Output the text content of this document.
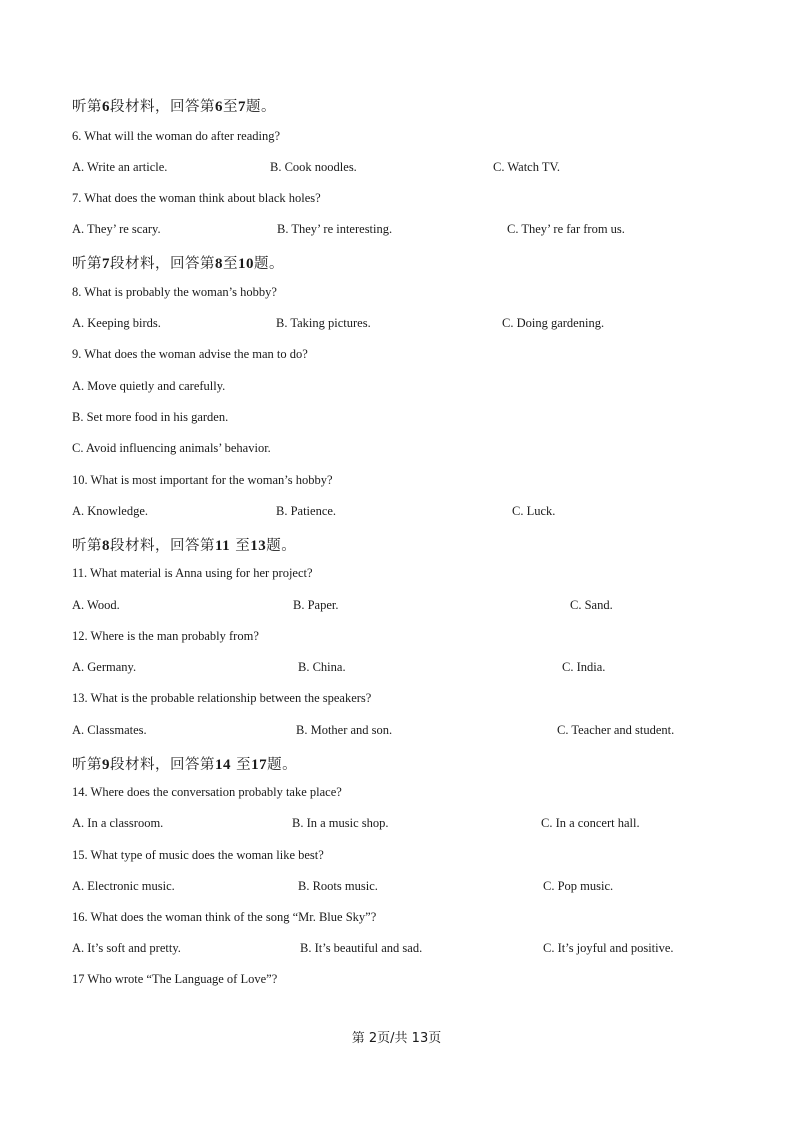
听第6段材料，回答第6至7题。
6. What will the woman do after reading?
A. Write an article.	B. Cook noodles.	C. Watch TV.
7. What does the woman think about black holes?
A. They’ re scary.	B. They’ re interesting.	C. They’ re far from us.
听第7段材料，回答第8至10题。
8. What is probably the woman’s hobby?
A. Keeping birds.	B. Taking pictures.	C. Doing gardening.
9. What does the woman advise the man to do?
A. Move quietly and carefully.
B. Set more food in his garden.
C. Avoid influencing animals’ behavior.
10. What is most important for the woman’s hobby?
A. Knowledge.	B. Patience.	C. Luck.
听第8段材料，回答第11 至13题。
11. What material is Anna using for her project?
A. Wood.	B. Paper.	C. Sand.
12. Where is the man probably from?
A. Germany.	B. China.	C. India.
13. What is the probable relationship between the speakers?
A. Classmates.	B. Mother and son.	C. Teacher and student.
听第9段材料，回答第14 至17题。
14. Where does the conversation probably take place?
A. In a classroom.	B. In a music shop.	C. In a concert hall.
15. What type of music does the woman like best?
A. Electronic music.	B. Roots music.	C. Pop music.
16. What does the woman think of the song “Mr. Blue Sky”?
A. It’s soft and pretty.	B. It’s beautiful and sad.	C. It’s joyful and positive.
17 Who wrote “The Language of Love”?
第 2页/共 13页
